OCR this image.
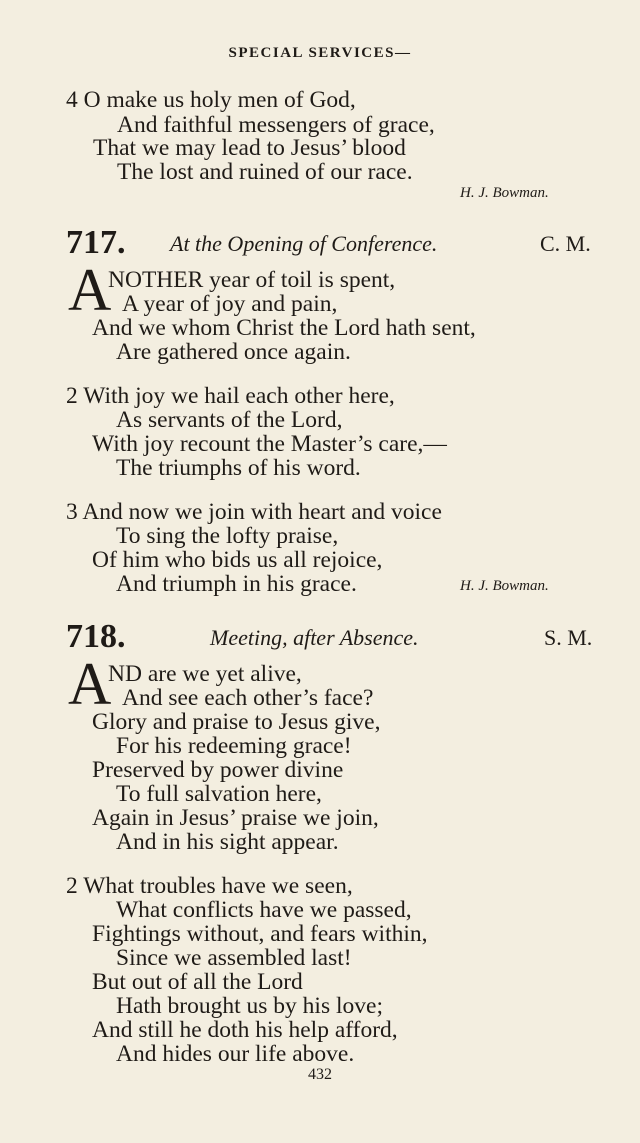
SPECIAL SERVICES—
4 O make us holy men of God,
And faithful messengers of grace,
That we may lead to Jesus’ blood
The lost and ruined of our race.
H. J. Bowman.
717. At the Opening of Conference.	C. M.
A
NOTHER year of toil is spent,
A year of joy and pain,
And we whom Christ the Lord hath sent,
Are gathered once again.
2 With joy we hail each other here,
As servants of the Lord,
With joy recount the Master’s care,—
The triumphs of his word.
3 And now we join with heart and voice
To sing the lofty praise,
Of him who bids us all rejoice,
And triumph in his grace.	H. J. Bowman.
718.	Meeting, after Absence.	S. M.
A
ND are we yet alive,
And see each other’s face?
Glory and praise to Jesus give,
For his redeeming grace!
Preserved by power divine
To full salvation here,
Again in Jesus’ praise we join,
And in his sight appear.
2 What troubles have we seen,
What conflicts have we passed,
Fightings without, and fears within,
Since we assembled last!
But out of all the Lord
Hath brought us by his love;
And still he doth his help afford,
And hides our life above.
432
